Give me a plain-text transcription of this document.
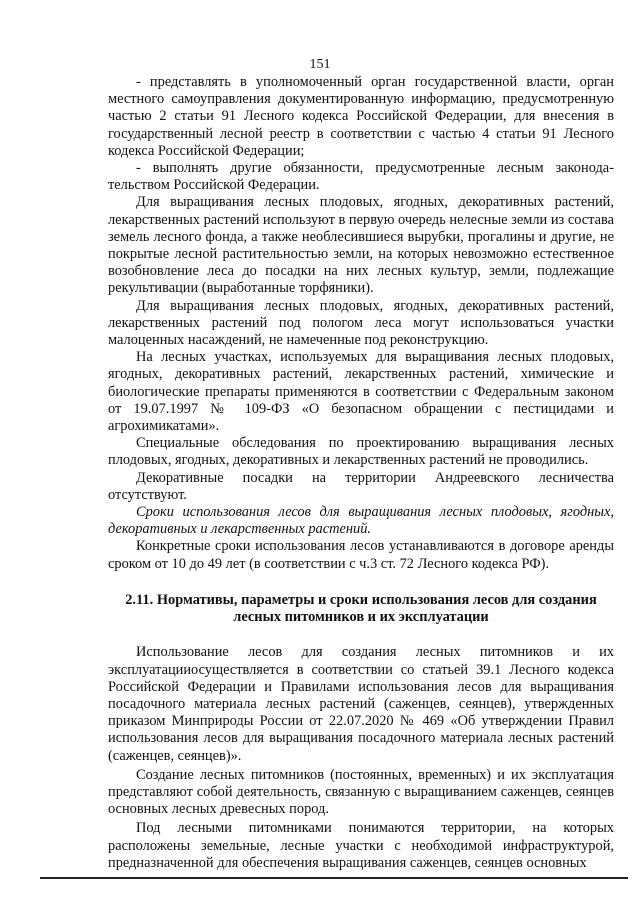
151

- представлять в уполномоченный орган государственной власти, орган местного самоуправления документированную информацию, предусмотренную частью 2 статьи 91 Лесного кодекса Российской Федерации, для внесения в государственный лесной реестр в соответствии с частью 4 статьи 91 Лесного кодекса Российской Федерации;

- выполнять другие обязанности, предусмотренные лесным законода-тельством Российской Федерации.

Для выращивания лесных плодовых, ягодных, декоративных растений, лекарственных растений используют в первую очередь нелесные земли из состава земель лесного фонда, а также необлесившиеся вырубки, прогалины и другие, не покрытые лесной растительностью земли, на которых невозможно естественное возобновление леса до посадки на них лесных культур, земли, подлежащие рекультивации (выработанные торфяники).

Для выращивания лесных плодовых, ягодных, декоративных растений, лекарственных растений под пологом леса могут использоваться участки малоценных насаждений, не намеченные под реконструкцию.

На лесных участках, используемых для выращивания лесных плодовых, ягодных, декоративных растений, лекарственных растений, химические и биологические препараты применяются в соответствии с Федеральным законом от 19.07.1997 № 109-ФЗ «О безопасном обращении с пестицидами и агрохимикатами».

Специальные обследования по проектированию выращивания лесных плодовых, ягодных, декоративных и лекарственных растений не проводились.

Декоративные посадки на территории Андреевского лесничества отсутствуют.

Сроки использования лесов для выращивания лесных плодовых, ягодных, декоративных и лекарственных растений.

Конкретные сроки использования лесов устанавливаются в договоре аренды сроком от 10 до 49 лет (в соответствии с ч.3 ст. 72 Лесного кодекса РФ).

2.11. Нормативы, параметры и сроки использования лесов для создания
лесных питомников и их эксплуатации

Использование лесов для создания лесных питомников и их эксплуатацииосуществляется в соответствии со статьей 39.1 Лесного кодекса Российской Федерации и Правилами использования лесов для выращивания посадочного материала лесных растений (саженцев, сеянцев), утвержденных приказом Минприроды России от 22.07.2020 № 469 «Об утверждении Правил использования лесов для выращивания посадочного материала лесных растений (саженцев, сеянцев)».

Создание лесных питомников (постоянных, временных) и их эксплуатация представляют собой деятельность, связанную с выращиванием саженцев, сеянцев основных лесных древесных пород.

Под лесными питомниками понимаются территории, на которых расположены земельные, лесные участки с необходимой инфраструктурой, предназначенной для обеспечения выращивания саженцев, сеянцев основных
